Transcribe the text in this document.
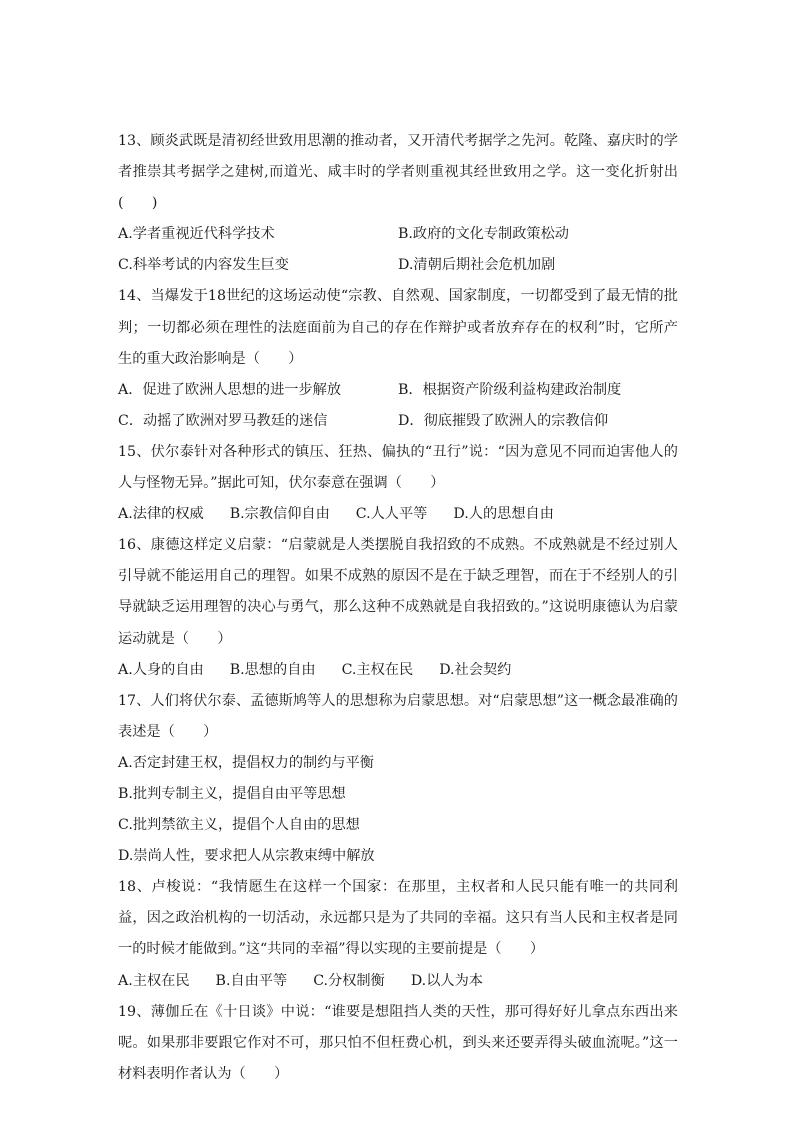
13、顾炎武既是清初经世致用思潮的推动者，又开清代考据学之先河。乾隆、嘉庆时的学者推崇其考据学之建树,而道光、咸丰时的学者则重视其经世致用之学。这一变化折射出(　　)

A.学者重视近代科学技术	B.政府的文化专制政策松动
C.科举考试的内容发生巨变	D.清朝后期社会危机加剧

14、当爆发于18世纪的这场运动使“宗教、自然观、国家制度，一切都受到了最无情的批判；一切都必须在理性的法庭面前为自己的存在作辩护或者放弃存在的权利”时，它所产生的重大政治影响是（　　）

A．促进了欧洲人思想的进一步解放	B．根据资产阶级利益构建政治制度
C．动摇了欧洲对罗马教廷的迷信	D．彻底摧毁了欧洲人的宗教信仰

15、伏尔泰针对各种形式的镇压、狂热、偏执的“丑行”说：“因为意见不同而迫害他人的人与怪物无异。”据此可知，伏尔泰意在强调（　　）

A.法律的权威 B.宗教信仰自由 C.人人平等 D.人的思想自由

16、康德这样定义启蒙：“启蒙就是人类摆脱自我招致的不成熟。不成熟就是不经过别人引导就不能运用自己的理智。如果不成熟的原因不是在于缺乏理智，而在于不经别人的引导就缺乏运用理智的决心与勇气，那么这种不成熟就是自我招致的。”这说明康德认为启蒙运动就是（　　）

A.人身的自由 B.思想的自由 C.主权在民 D.社会契约

17、人们将伏尔泰、孟德斯鸠等人的思想称为启蒙思想。对“启蒙思想”这一概念最准确的表述是（　　）

A.否定封建王权，提倡权力的制约与平衡
B.批判专制主义，提倡自由平等思想
C.批判禁欲主义，提倡个人自由的思想
D.崇尚人性，要求把人从宗教束缚中解放

18、卢梭说：“我情愿生在这样一个国家：在那里，主权者和人民只能有唯一的共同利益，因之政治机构的一切活动，永远都只是为了共同的幸福。这只有当人民和主权者是同一的时候才能做到。”这“共同的幸福”得以实现的主要前提是（　　）

A.主权在民 B.自由平等 C.分权制衡 D.以人为本

19、薄伽丘在《十日谈》中说：“谁要是想阻挡人类的天性，那可得好好儿拿点东西出来呢。如果那非要跟它作对不可，那只怕不但枉费心机，到头来还要弄得头破血流呢。”这一材料表明作者认为（　　）
